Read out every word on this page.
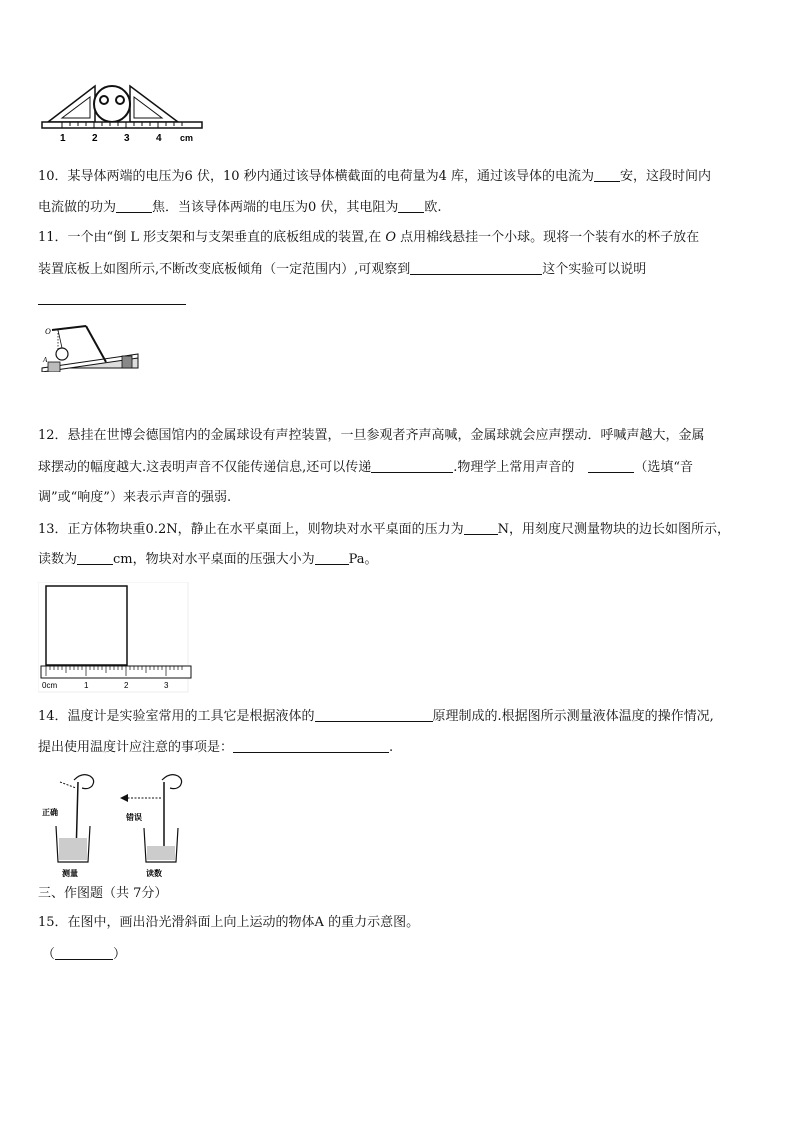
1	2	3	4 cm
10．某导体两端的电压为6 伏，10 秒内通过该导体横截面的电荷量为4 库，通过该导体的电流为 安，这段时间内
电流做的功为	焦．当该导体两端的电压为0 伏，其电阻为 欧.
11．一个由“倒 L 形支架和与支架垂直的底板组成的装置,在 O 点用棉线悬挂一个小球。现将一个装有水的杯子放在
装置底板上如图所示,不断改变底板倾角（一定范围内）,可观察到	这个实验可以说明
O
A
12．悬挂在世博会德国馆内的金属球设有声控装置，一旦参观者齐声高喊，金属球就会应声摆动．呼喊声越大，金属
球摆动的幅度越大.这表明声音不仅能传递信息,还可以传递	.物理学上常用声音的	（选填“音
调”或“响度”）来表示声音的强弱.
13．正方体物块重0.2N，静止在水平桌面上，则物块对水平桌面的压力为	N，用刻度尺测量物块的边长如图所示，
读数为	cm，物块对水平桌面的压强大小为	Pa。
0cm	1	2	3
14．温度计是实验室常用的工具它是根据液体的	原理制成的.根据图所示测量液体温度的操作情况,
提出使用温度计应注意的事项是：	.
正确
测量
错误
读数
三、作图题（共 7分）
15．在图中，画出沿光滑斜面上向上运动的物体A 的重力示意图。
（	）
